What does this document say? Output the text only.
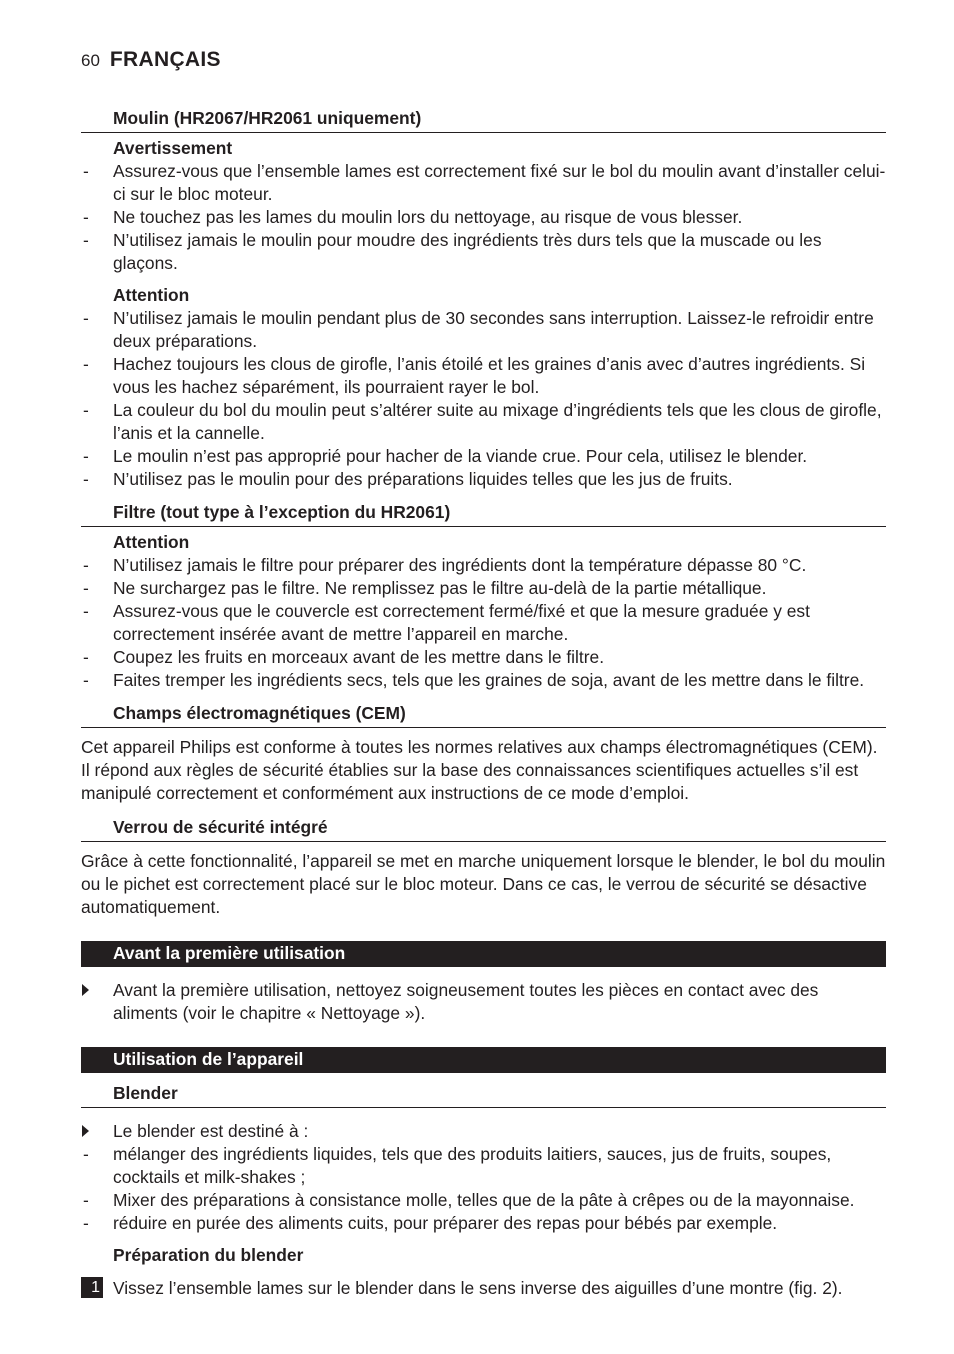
60 FRANÇAIS
Moulin (HR2067/HR2061 uniquement)
Avertissement
- Assurez-vous que l’ensemble lames est correctement fixé sur le bol du moulin avant d’installer celui-ci sur le bloc moteur.
- Ne touchez pas les lames du moulin lors du nettoyage, au risque de vous blesser.
- N’utilisez jamais le moulin pour moudre des ingrédients très durs tels que la muscade ou les glaçons.
Attention
- N’utilisez jamais le moulin pendant plus de 30 secondes sans interruption. Laissez-le refroidir entre deux préparations.
- Hachez toujours les clous de girofle, l’anis étoilé et les graines d’anis avec d’autres ingrédients. Si vous les hachez séparément, ils pourraient rayer le bol.
- La couleur du bol du moulin peut s’altérer suite au mixage d’ingrédients tels que les clous de girofle, l’anis et la cannelle.
- Le moulin n’est pas approprié pour hacher de la viande crue. Pour cela, utilisez le blender.
- N’utilisez pas le moulin pour des préparations liquides telles que les jus de fruits.
Filtre (tout type à l’exception du HR2061)
Attention
- N’utilisez jamais le filtre pour préparer des ingrédients dont la température dépasse 80 °C.
- Ne surchargez pas le filtre. Ne remplissez pas le filtre au-delà de la partie métallique.
- Assurez-vous que le couvercle est correctement fermé/fixé et que la mesure graduée y est correctement insérée avant de mettre l’appareil en marche.
- Coupez les fruits en morceaux avant de les mettre dans le filtre.
- Faites tremper les ingrédients secs, tels que les graines de soja, avant de les mettre dans le filtre.
Champs électromagnétiques (CEM)

Cet appareil Philips est conforme à toutes les normes relatives aux champs électromagnétiques (CEM). Il répond aux règles de sécurité établies sur la base des connaissances scientifiques actuelles s’il est manipulé correctement et conformément aux instructions de ce mode d’emploi.

Verrou de sécurité intégré

Grâce à cette fonctionnalité, l’appareil se met en marche uniquement lorsque le blender, le bol du moulin ou le pichet est correctement placé sur le bloc moteur. Dans ce cas, le verrou de sécurité se désactive automatiquement.

Avant la première utilisation
Avant la première utilisation, nettoyez soigneusement toutes les pièces en contact avec des aliments (voir le chapitre « Nettoyage »).
Utilisation de l’appareil
Blender
Le blender est destiné à :
- mélanger des ingrédients liquides, tels que des produits laitiers, sauces, jus de fruits, soupes, cocktails et milk-shakes ;
- Mixer des préparations à consistance molle, telles que de la pâte à crêpes ou de la mayonnaise.
- réduire en purée des aliments cuits, pour préparer des repas pour bébés par exemple.
Préparation du blender
1 Vissez l’ensemble lames sur le blender dans le sens inverse des aiguilles d’une montre (fig. 2).
